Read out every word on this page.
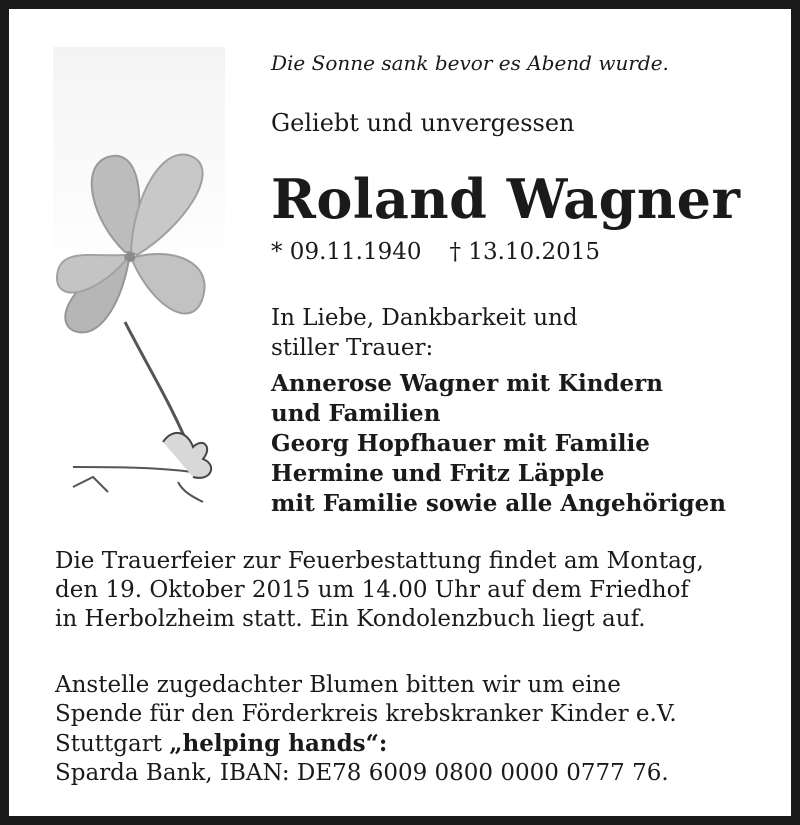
Die Sonne sank bevor es Abend wurde.

Geliebt und unvergessen

Roland Wagner

* 09.11.1940 † 13.10.2015

In Liebe, Dankbarkeit und
stiller Trauer:

Annerose Wagner mit Kindern
und Familien
Georg Hopfhauer mit Familie
Hermine und Fritz Läpple
mit Familie sowie alle Angehörigen

Die Trauerfeier zur Feuerbestattung findet am Montag,
den 19. Oktober 2015 um 14.00 Uhr auf dem Friedhof
in Herbolzheim statt. Ein Kondolenzbuch liegt auf.

Anstelle zugedachter Blumen bitten wir um eine
Spende für den Förderkreis krebskranker Kinder e.V.
Stuttgart „helping hands“:
Sparda Bank, IBAN: DE78 6009 0800 0000 0777 76.
